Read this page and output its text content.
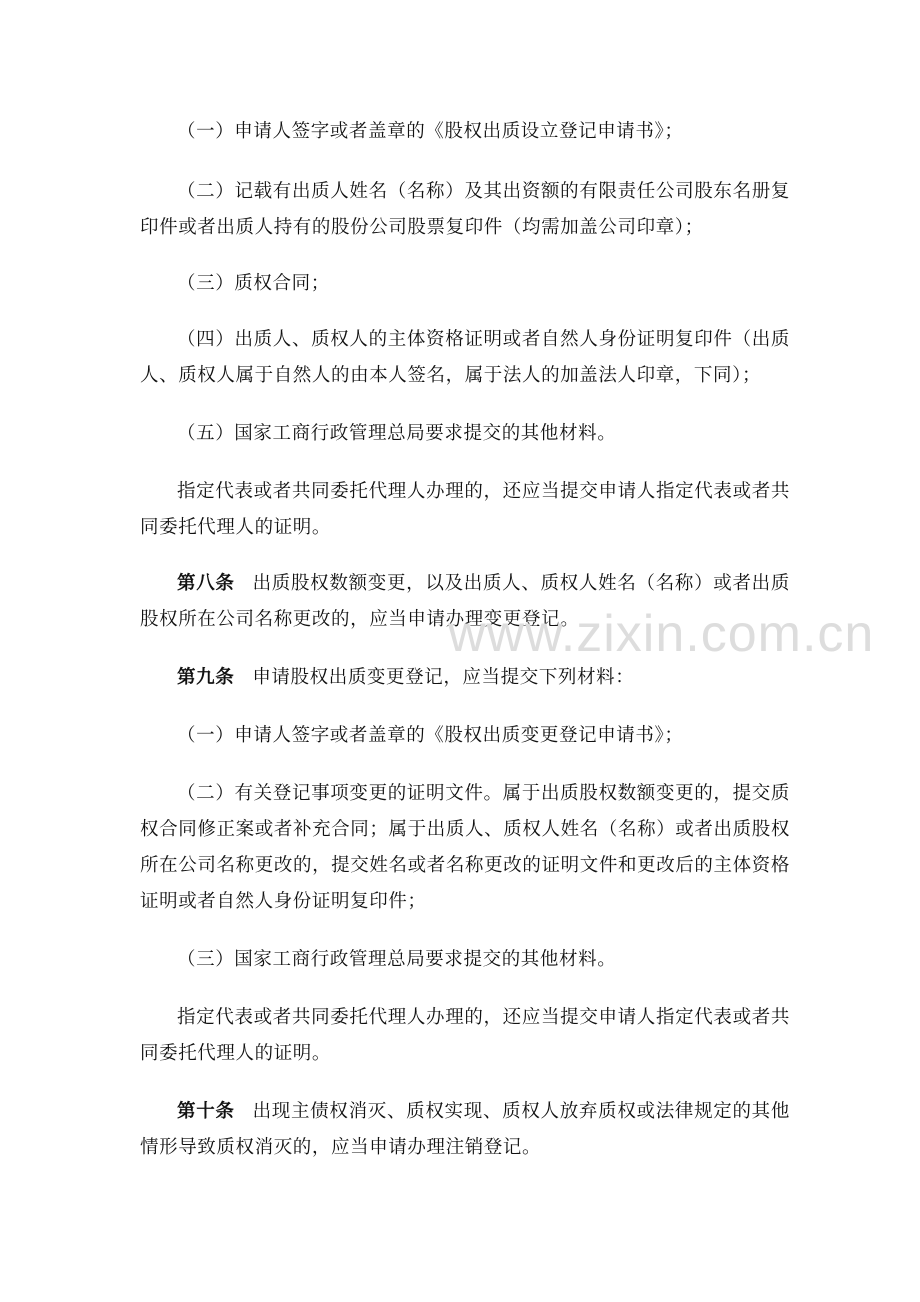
（一）申请人签字或者盖章的《股权出质设立登记申请书》；

（二）记载有出质人姓名（名称）及其出资额的有限责任公司股东名册复印件或者出质人持有的股份公司股票复印件（均需加盖公司印章）；

（三）质权合同；

（四）出质人、质权人的主体资格证明或者自然人身份证明复印件（出质人、质权人属于自然人的由本人签名，属于法人的加盖法人印章，下同）；

（五）国家工商行政管理总局要求提交的其他材料。

指定代表或者共同委托代理人办理的，还应当提交申请人指定代表或者共同委托代理人的证明。

第八条 出质股权数额变更，以及出质人、质权人姓名（名称）或者出质股权所在公司名称更改的，应当申请办理变更登记。

第九条 申请股权出质变更登记，应当提交下列材料：

（一）申请人签字或者盖章的《股权出质变更登记申请书》；

（二）有关登记事项变更的证明文件。属于出质股权数额变更的，提交质权合同修正案或者补充合同；属于出质人、质权人姓名（名称）或者出质股权所在公司名称更改的，提交姓名或者名称更改的证明文件和更改后的主体资格证明或者自然人身份证明复印件；

（三）国家工商行政管理总局要求提交的其他材料。

指定代表或者共同委托代理人办理的，还应当提交申请人指定代表或者共同委托代理人的证明。

第十条 出现主债权消灭、质权实现、质权人放弃质权或法律规定的其他情形导致质权消灭的，应当申请办理注销登记。

www.zixin.com.cn
